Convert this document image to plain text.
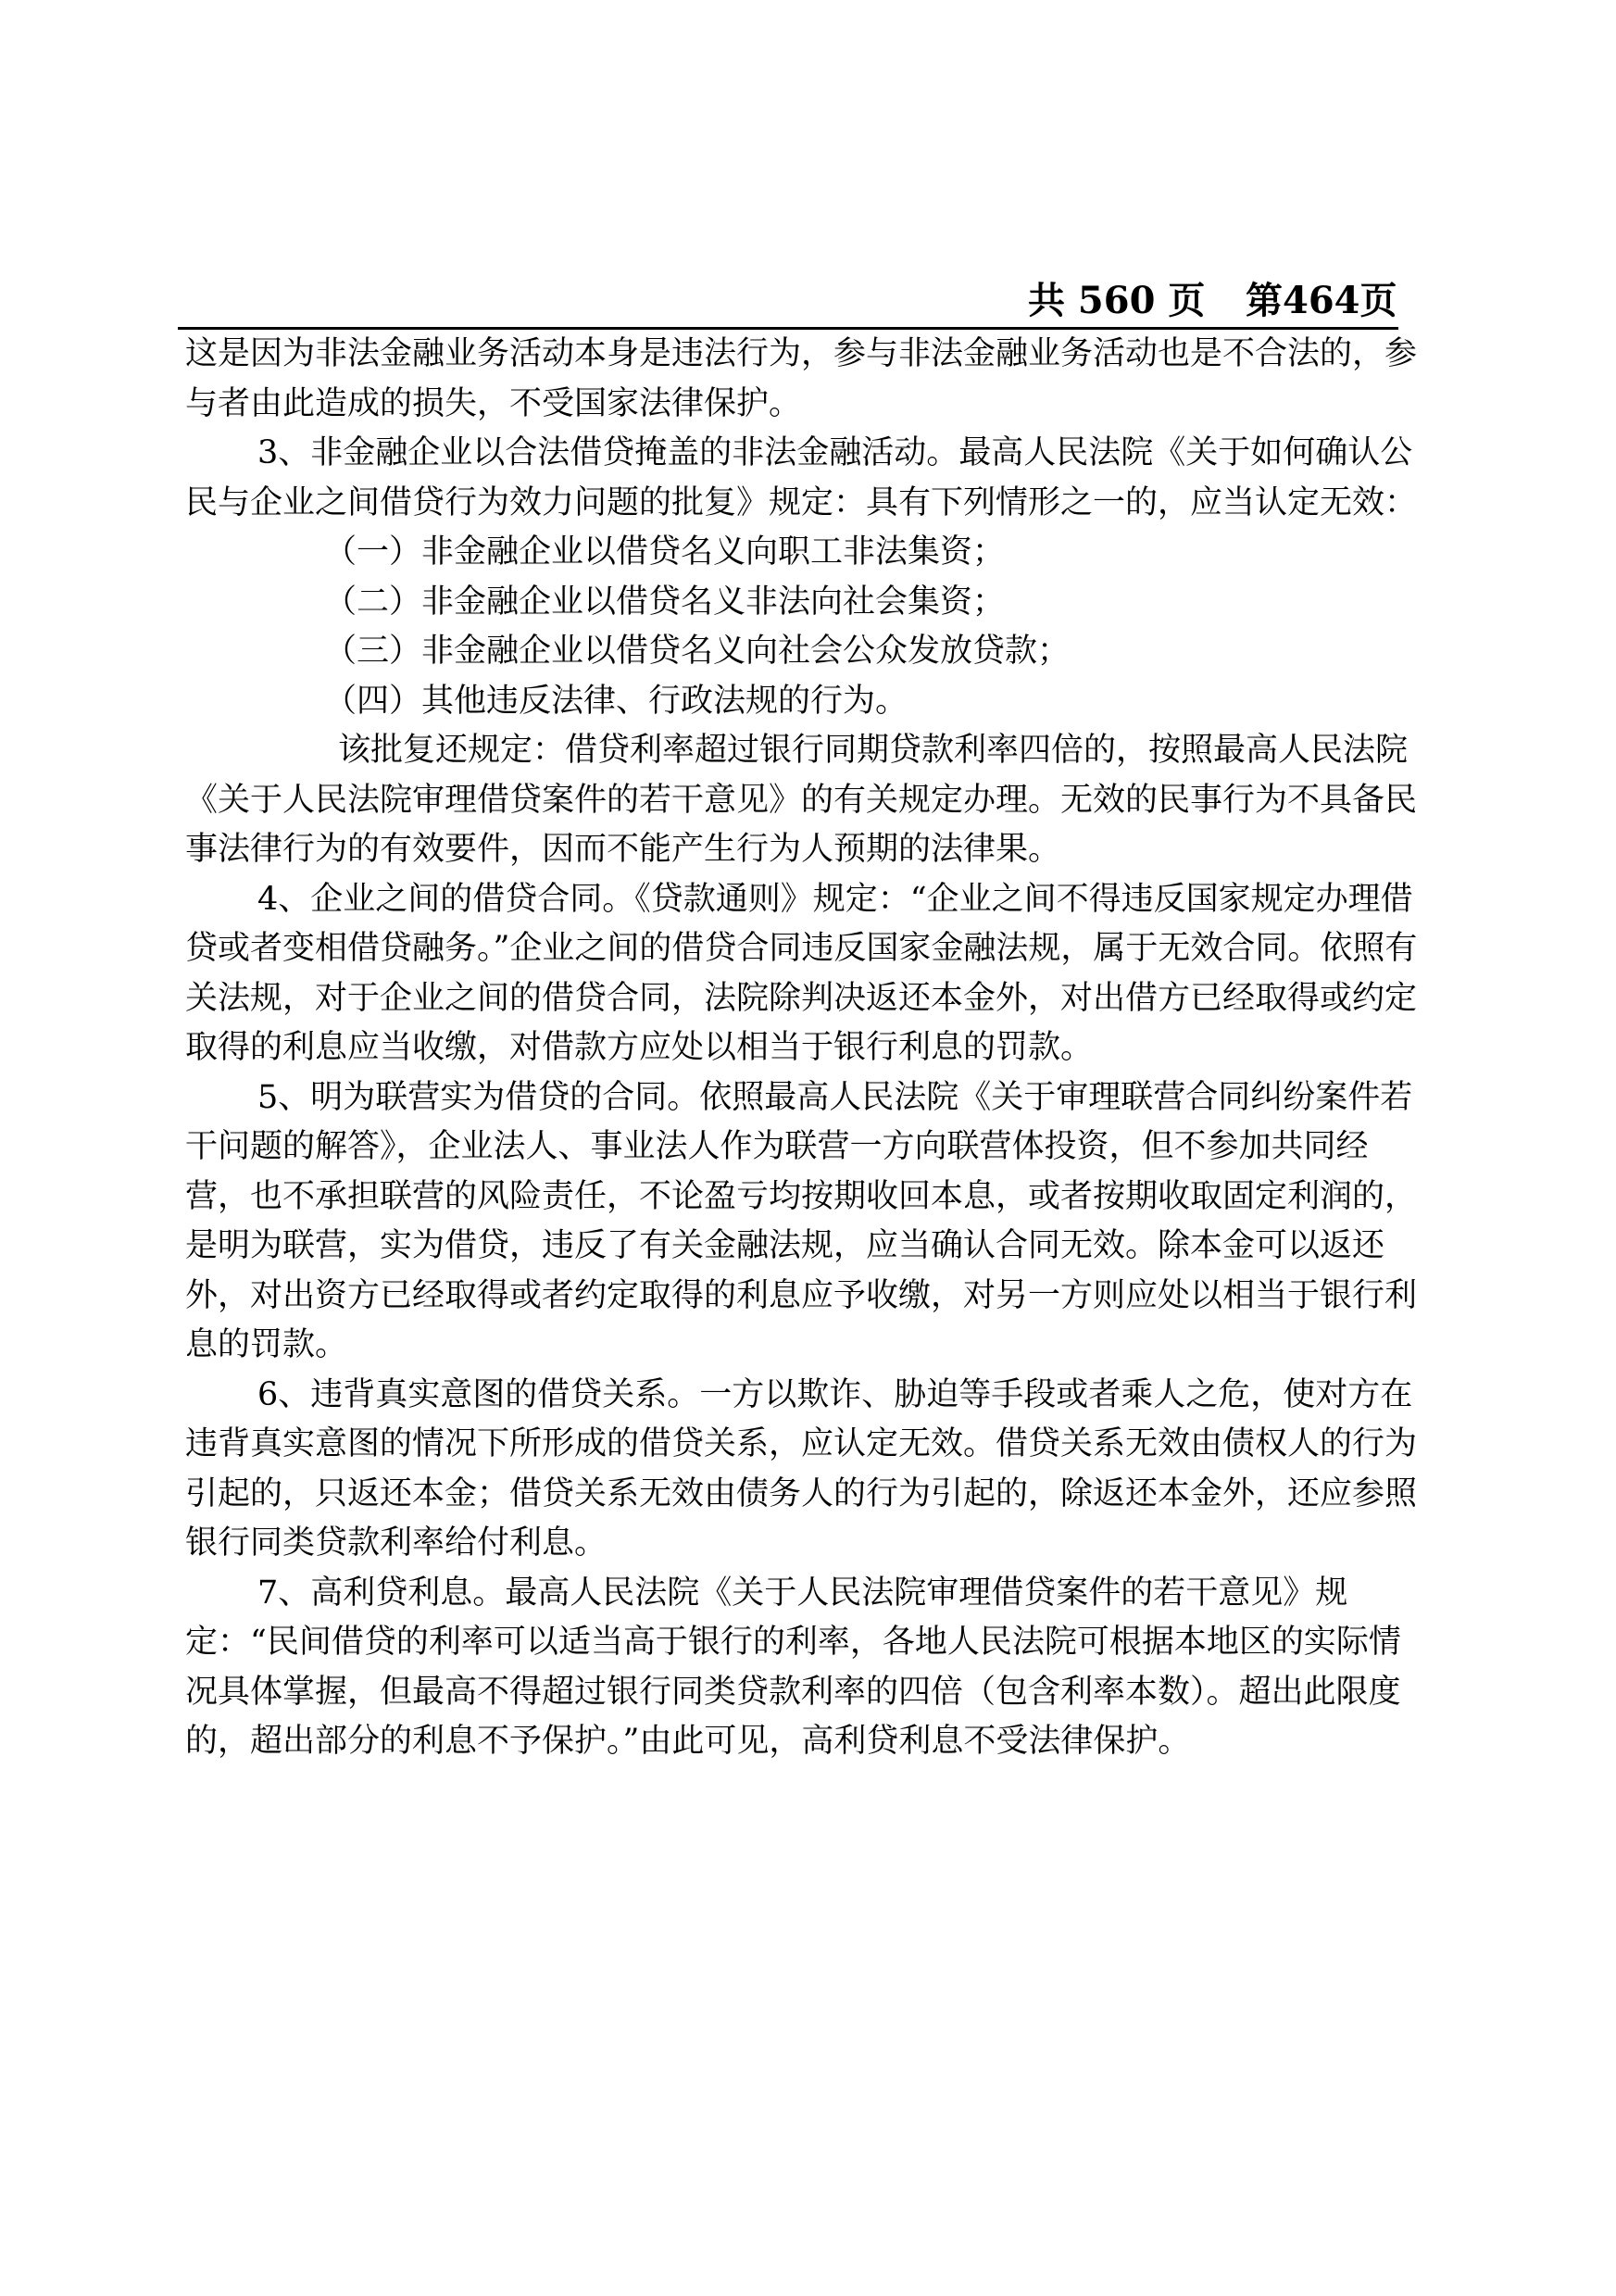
共 560 页 第464页

这是因为非法金融业务活动本身是违法行为，参与非法金融业务活动也是不合法的，参与者由此造成的损失，不受国家法律保护。

3、非金融企业以合法借贷掩盖的非法金融活动。最高人民法院《关于如何确认公民与企业之间借贷行为效力问题的批复》规定：具有下列情形之一的，应当认定无效：

（一）非金融企业以借贷名义向职工非法集资；

（二）非金融企业以借贷名义非法向社会集资；

（三）非金融企业以借贷名义向社会公众发放贷款；

（四）其他违反法律、行政法规的行为。

该批复还规定：借贷利率超过银行同期贷款利率四倍的，按照最高人民法院《关于人民法院审理借贷案件的若干意见》的有关规定办理。无效的民事行为不具备民事法律行为的有效要件，因而不能产生行为人预期的法律果。

4、企业之间的借贷合同。《贷款通则》规定：“企业之间不得违反国家规定办理借贷或者变相借贷融务。”企业之间的借贷合同违反国家金融法规，属于无效合同。依照有关法规，对于企业之间的借贷合同，法院除判决返还本金外，对出借方已经取得或约定取得的利息应当收缴，对借款方应处以相当于银行利息的罚款。

5、明为联营实为借贷的合同。依照最高人民法院《关于审理联营合同纠纷案件若干问题的解答》，企业法人、事业法人作为联营一方向联营体投资，但不参加共同经营，也不承担联营的风险责任，不论盈亏均按期收回本息，或者按期收取固定利润的，是明为联营，实为借贷，违反了有关金融法规，应当确认合同无效。除本金可以返还外，对出资方已经取得或者约定取得的利息应予收缴，对另一方则应处以相当于银行利息的罚款。

6、违背真实意图的借贷关系。一方以欺诈、胁迫等手段或者乘人之危，使对方在违背真实意图的情况下所形成的借贷关系，应认定无效。借贷关系无效由债权人的行为引起的，只返还本金；借贷关系无效由债务人的行为引起的，除返还本金外，还应参照银行同类贷款利率给付利息。

7、高利贷利息。最高人民法院《关于人民法院审理借贷案件的若干意见》规定：“民间借贷的利率可以适当高于银行的利率，各地人民法院可根据本地区的实际情况具体掌握，但最高不得超过银行同类贷款利率的四倍（包含利率本数）。超出此限度的，超出部分的利息不予保护。”由此可见，高利贷利息不受法律保护。
